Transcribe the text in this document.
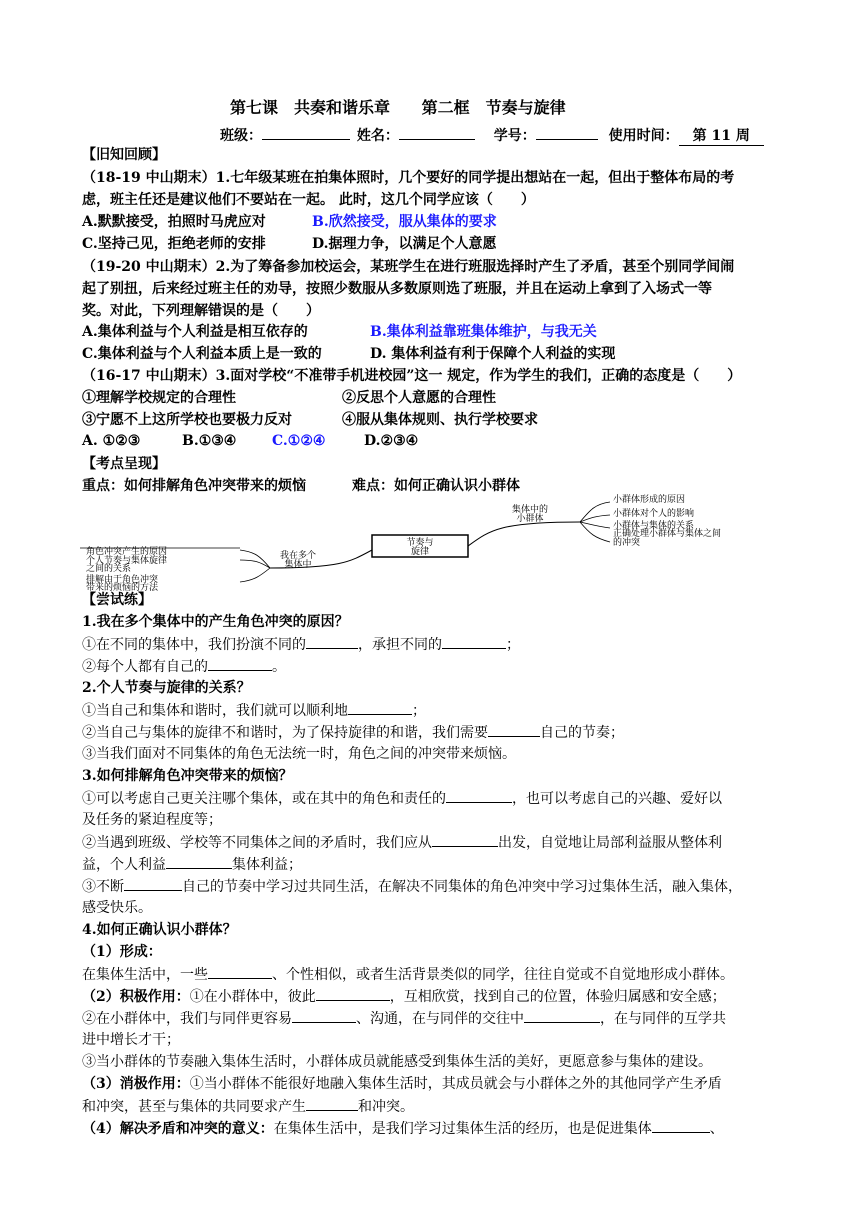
第七课　共奏和谐乐章 第二框　节奏与旋律
班级：	姓名：	学号：	使用时间： 第 11 周
【旧知回顾】
（18-19 中山期末）1.七年级某班在拍集体照时，几个要好的同学提出想站在一起，但出于整体布局的考
虑，班主任还是建议他们不要站在一起。 此时，这几个同学应该（　　）
A.默默接受，拍照时马虎应对	B.欣然接受，服从集体的要求
C.坚持己见，拒绝老师的安排	D.据理力争，以满足个人意愿
（19-20 中山期末）2.为了筹备参加校运会，某班学生在进行班服选择时产生了矛盾，甚至个别同学间闹
起了别扭，后来经过班主任的劝导，按照少数服从多数原则选了班服，并且在运动上拿到了入场式一等
奖。对此，下列理解错误的是（　　）
A.集体利益与个人利益是相互依存的	B.集体利益靠班集体维护，与我无关
C.集体利益与个人利益本质上是一致的	D. 集体利益有利于保障个人利益的实现
（16-17 中山期末）3.面对学校“不准带手机进校园”这一 规定，作为学生的我们，正确的态度是（　　）
①理解学校规定的合理性	②反思个人意愿的合理性
③宁愿不上这所学校也要极力反对	④服从集体规则、执行学校要求
A. ①②③	B.①③④	C.①②④	D.②③④
【考点呈现】
重点：如何排解角色冲突带来的烦恼	难点：如何正确认识小群体
节奏与
旋律
集体中的
小群体
小群体形成的原因
小群体对个人的影响
小群体与集体的关系
正确处理小群体与集体之间
的冲突
我在多个
集体中
角色冲突产生的原因
个人节奏与集体旋律
之间的关系
排解由于角色冲突
带来的烦恼的方法
【尝试练】
1.我在多个集体中的产生角色冲突的原因？
①在不同的集体中，我们扮演不同的	，承担不同的	；
②每个人都有自己的	。
2.个人节奏与旋律的关系？
①当自己和集体和谐时，我们就可以顺利地	；
②当自己与集体的旋律不和谐时，为了保持旋律的和谐，我们需要	自己的节奏；
③当我们面对不同集体的角色无法统一时，角色之间的冲突带来烦恼。
3.如何排解角色冲突带来的烦恼？
①可以考虑自己更关注哪个集体，或在其中的角色和责任的	，也可以考虑自己的兴趣、爱好以
及任务的紧迫程度等；
②当遇到班级、学校等不同集体之间的矛盾时，我们应从	出发，自觉地让局部利益服从整体利
益，个人利益	集体利益；
③不断	自己的节奏中学习过共同生活，在解决不同集体的角色冲突中学习过集体生活，融入集体，
感受快乐。
4.如何正确认识小群体？
（1）形成：
在集体生活中，一些	、个性相似，或者生活背景类似的同学，往往自觉或不自觉地形成小群体。
（2）积极作用：①在小群体中，彼此	，互相欣赏，找到自己的位置，体验归属感和安全感；
②在小群体中，我们与同伴更容易	、沟通，在与同伴的交往中	，在与同伴的互学共
进中增长才干；
③当小群体的节奏融入集体生活时，小群体成员就能感受到集体生活的美好，更愿意参与集体的建设。
（3）消极作用：①当小群体不能很好地融入集体生活时，其成员就会与小群体之外的其他同学产生矛盾
和冲突，甚至与集体的共同要求产生	和冲突。
（4）解决矛盾和冲突的意义：在集体生活中，是我们学习过集体生活的经历，也是促进集体	、
